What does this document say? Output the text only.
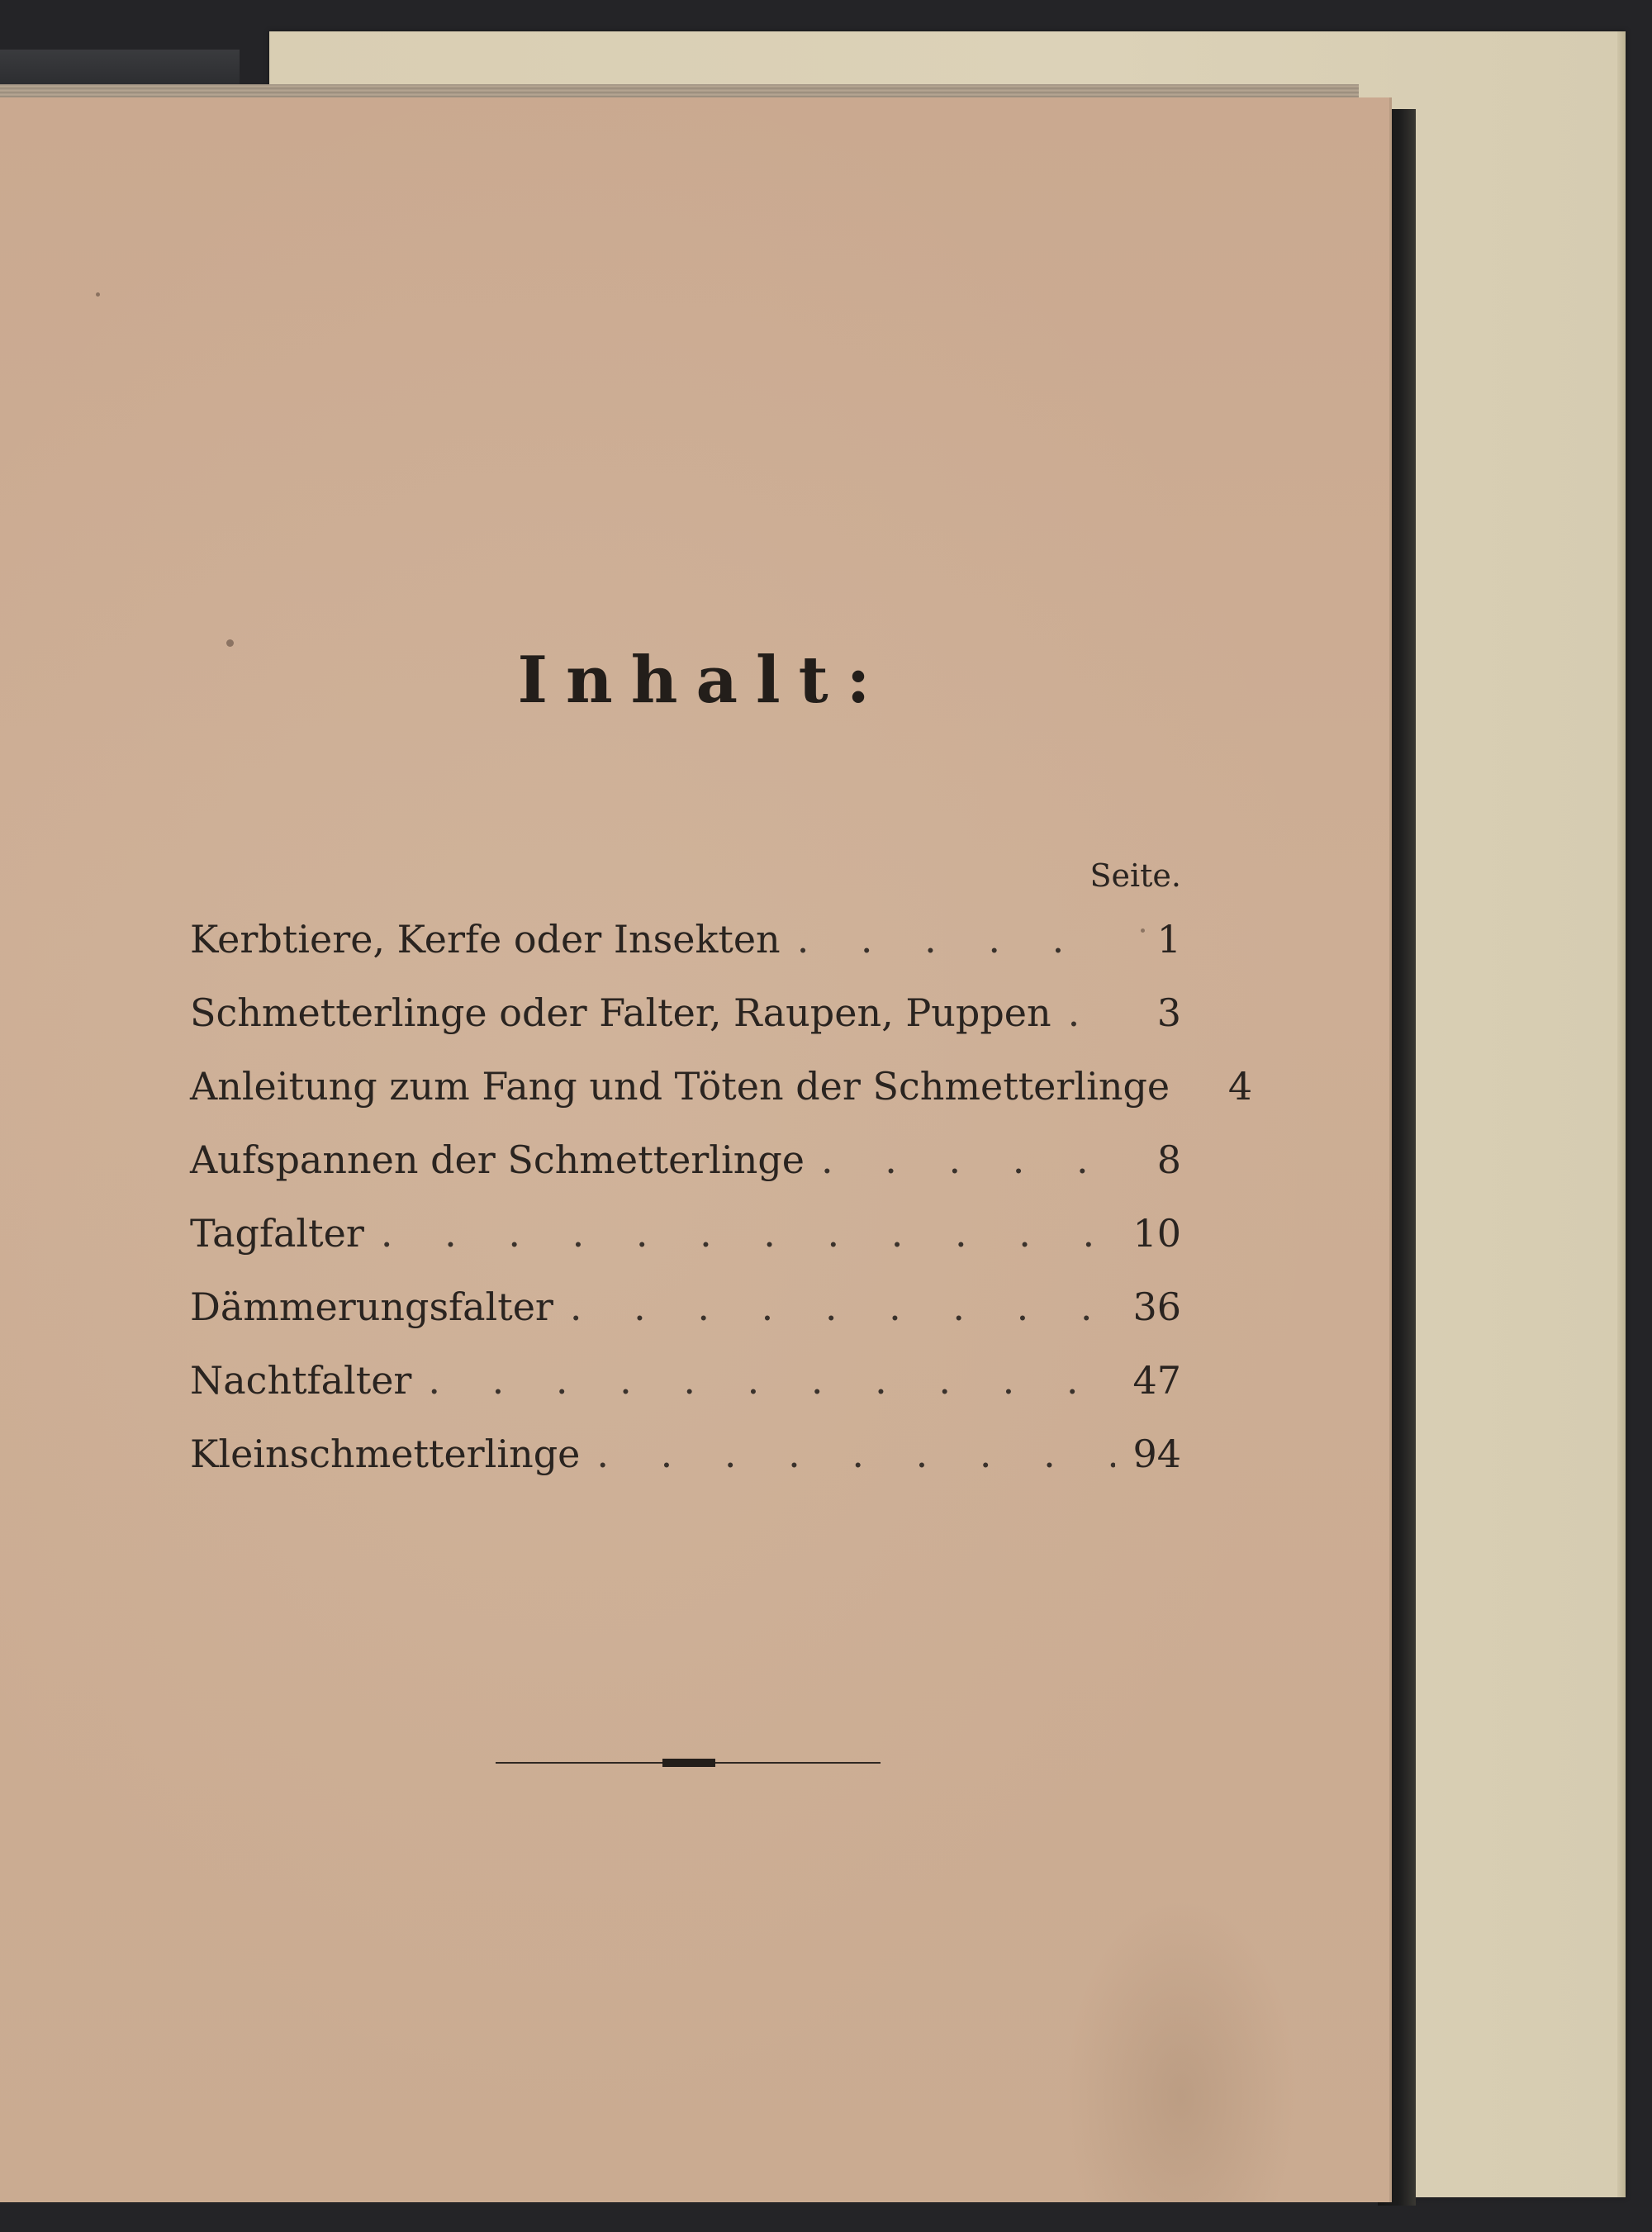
Inhalt:
Seite.
Kerbtiere, Kerfe oder Insekten . . .	1
Schmetterlinge oder Falter, Raupen, Puppen . . .	3
Anleitung zum Fang und Töten der Schmetterlinge . . .	4
Aufspannen der Schmetterlinge . . .	8
Tagfalter . . .	10
Dämmerungsfalter . . .	36
Nachtfalter . . .	47
Kleinschmetterlinge . . .	94
